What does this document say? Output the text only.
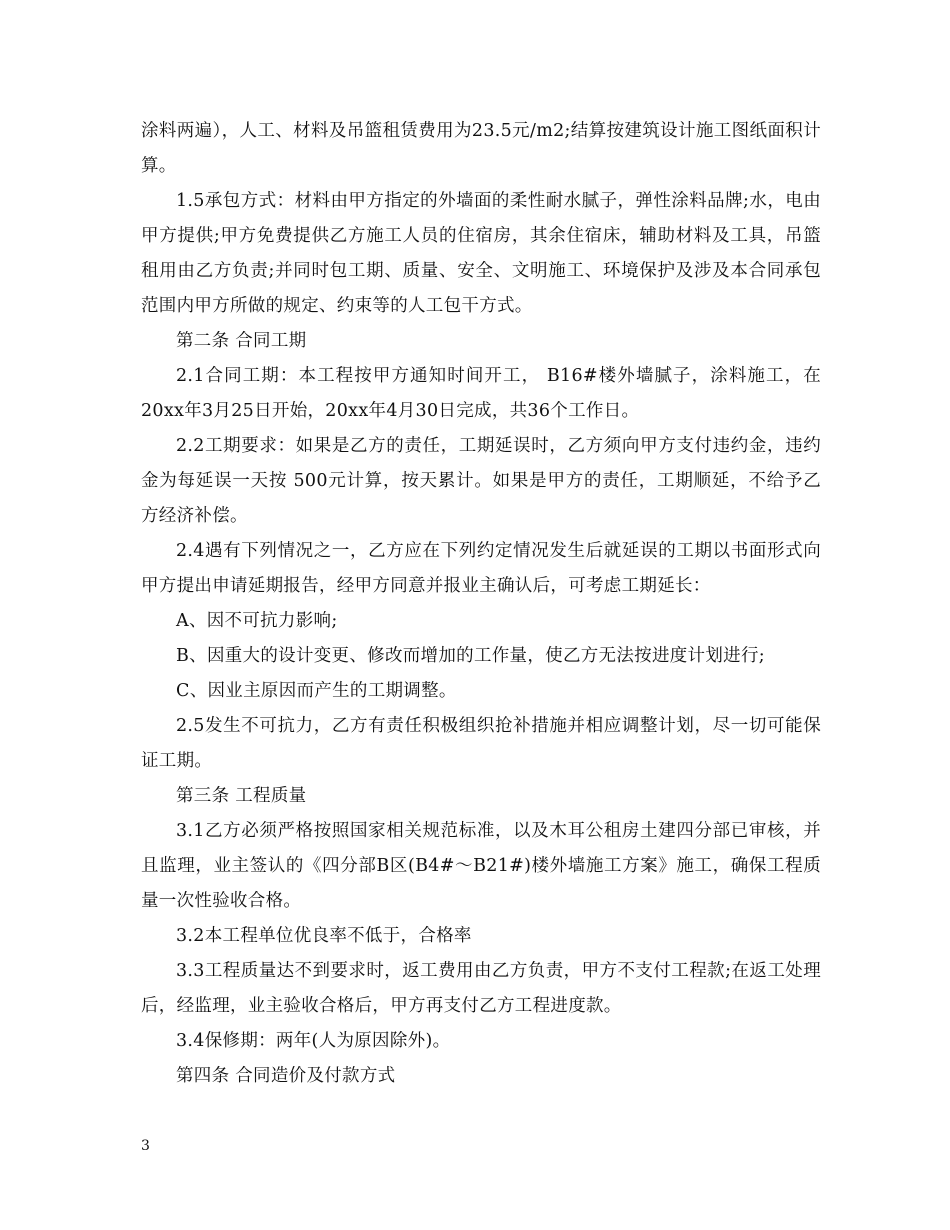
涂料两遍），人工、材料及吊篮租赁费用为23.5元/m2;结算按建筑设计施工图纸面积计算。

1.5承包方式：材料由甲方指定的外墙面的柔性耐水腻子，弹性涂料品牌;水，电由甲方提供;甲方免费提供乙方施工人员的住宿房，其余住宿床，辅助材料及工具，吊篮租用由乙方负责;并同时包工期、质量、安全、文明施工、环境保护及涉及本合同承包范围内甲方所做的规定、约束等的人工包干方式。

第二条 合同工期

2.1合同工期：本工程按甲方通知时间开工， B16#楼外墙腻子，涂料施工，在20xx年3月25日开始，20xx年4月30日完成，共36个工作日。

2.2工期要求：如果是乙方的责任，工期延误时，乙方须向甲方支付违约金，违约金为每延误一天按 500元计算，按天累计。如果是甲方的责任，工期顺延，不给予乙方经济补偿。

2.4遇有下列情况之一，乙方应在下列约定情况发生后就延误的工期以书面形式向甲方提出申请延期报告，经甲方同意并报业主确认后，可考虑工期延长：

A、因不可抗力影响;

B、因重大的设计变更、修改而增加的工作量，使乙方无法按进度计划进行;

C、因业主原因而产生的工期调整。

2.5发生不可抗力，乙方有责任积极组织抢补措施并相应调整计划，尽一切可能保证工期。

第三条 工程质量

3.1乙方必须严格按照国家相关规范标准，以及木耳公租房土建四分部已审核，并且监理，业主签认的《四分部B区(B4#～B21#)楼外墙施工方案》施工，确保工程质量一次性验收合格。

3.2本工程单位优良率不低于，合格率

3.3工程质量达不到要求时，返工费用由乙方负责，甲方不支付工程款;在返工处理后，经监理，业主验收合格后，甲方再支付乙方工程进度款。

3.4保修期：两年(人为原因除外)。

第四条 合同造价及付款方式

3
